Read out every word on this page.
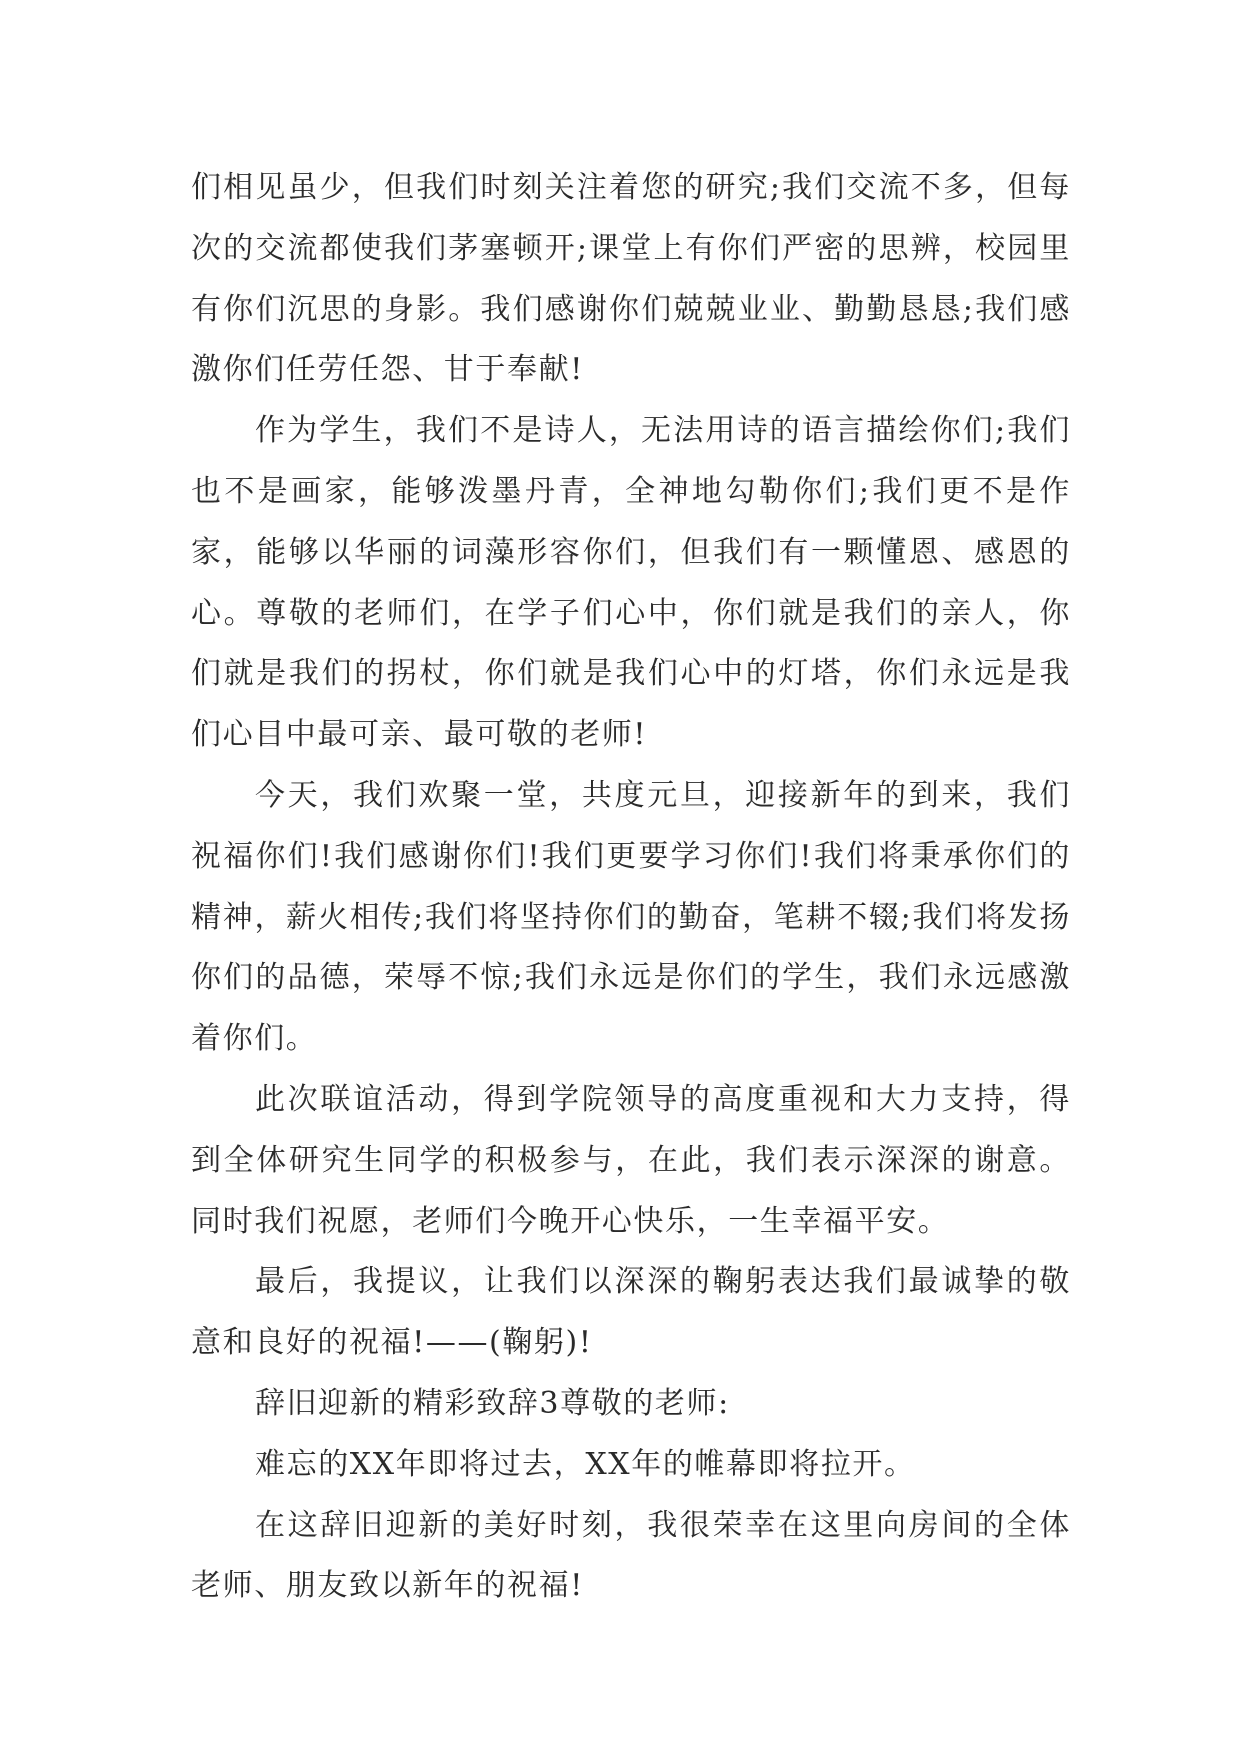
们相见虽少，但我们时刻关注着您的研究;我们交流不多，但每次的交流都使我们茅塞顿开;课堂上有你们严密的思辨，校园里有你们沉思的身影。我们感谢你们兢兢业业、勤勤恳恳;我们感激你们任劳任怨、甘于奉献!

作为学生，我们不是诗人，无法用诗的语言描绘你们;我们也不是画家，能够泼墨丹青，全神地勾勒你们;我们更不是作家，能够以华丽的词藻形容你们，但我们有一颗懂恩、感恩的心。尊敬的老师们，在学子们心中，你们就是我们的亲人，你们就是我们的拐杖，你们就是我们心中的灯塔，你们永远是我们心目中最可亲、最可敬的老师!

今天，我们欢聚一堂，共度元旦，迎接新年的到来，我们祝福你们!我们感谢你们!我们更要学习你们!我们将秉承你们的精神，薪火相传;我们将坚持你们的勤奋，笔耕不辍;我们将发扬你们的品德，荣辱不惊;我们永远是你们的学生，我们永远感激着你们。

此次联谊活动，得到学院领导的高度重视和大力支持，得到全体研究生同学的积极参与，在此，我们表示深深的谢意。同时我们祝愿，老师们今晚开心快乐，一生幸福平安。

最后，我提议，让我们以深深的鞠躬表达我们最诚挚的敬意和良好的祝福!——(鞠躬)!

辞旧迎新的精彩致辞3尊敬的老师:

难忘的XX年即将过去，XX年的帷幕即将拉开。

在这辞旧迎新的美好时刻，我很荣幸在这里向房间的全体老师、朋友致以新年的祝福!
